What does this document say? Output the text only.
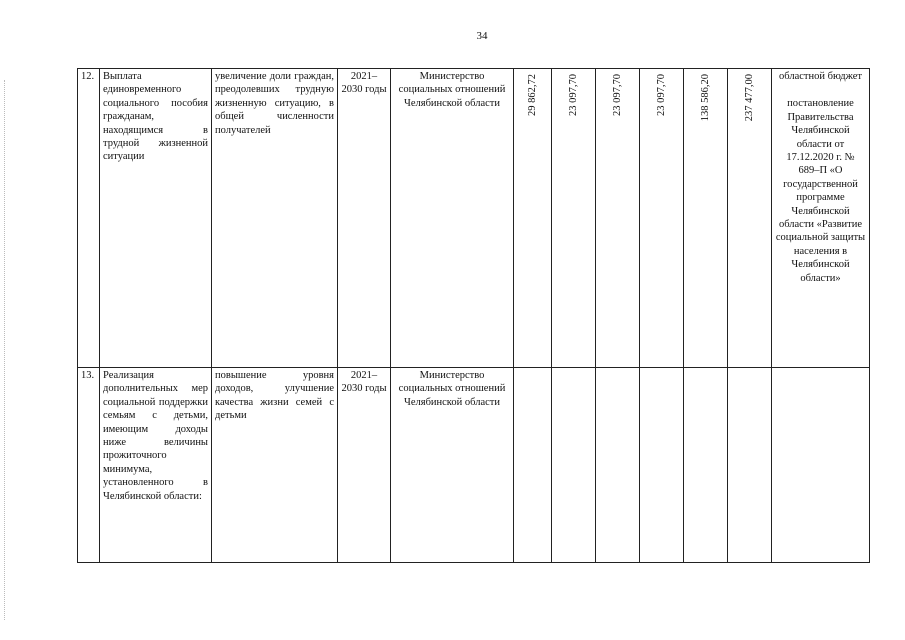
34
12.	Выплата единовременного социального пособия гражданам, находящимся в трудной жизненной ситуации	увеличение доли граждан, преодолевших трудную жизненную ситуацию, в общей численности получателей	2021–2030 годы	Министерство социальных отношений Челябинской области	29 862,72	23 097,70	23 097,70	23 097,70	138 586,20	237 477,00	областной бюджет
постановление Правительства Челябинской области от 17.12.2020 г. № 689–П «О государственной программе Челябинской области «Развитие социальной защиты населения в Челябинской области»

13.	Реализация дополнительных мер социальной поддержки семьям с детьми, имеющим доходы ниже величины прожиточного минимума, установленного в Челябинской области:	повышение уровня доходов, улучшение качества жизни семей с детьми	2021–2030 годы	Министерство социальных отношений Челябинской области							
